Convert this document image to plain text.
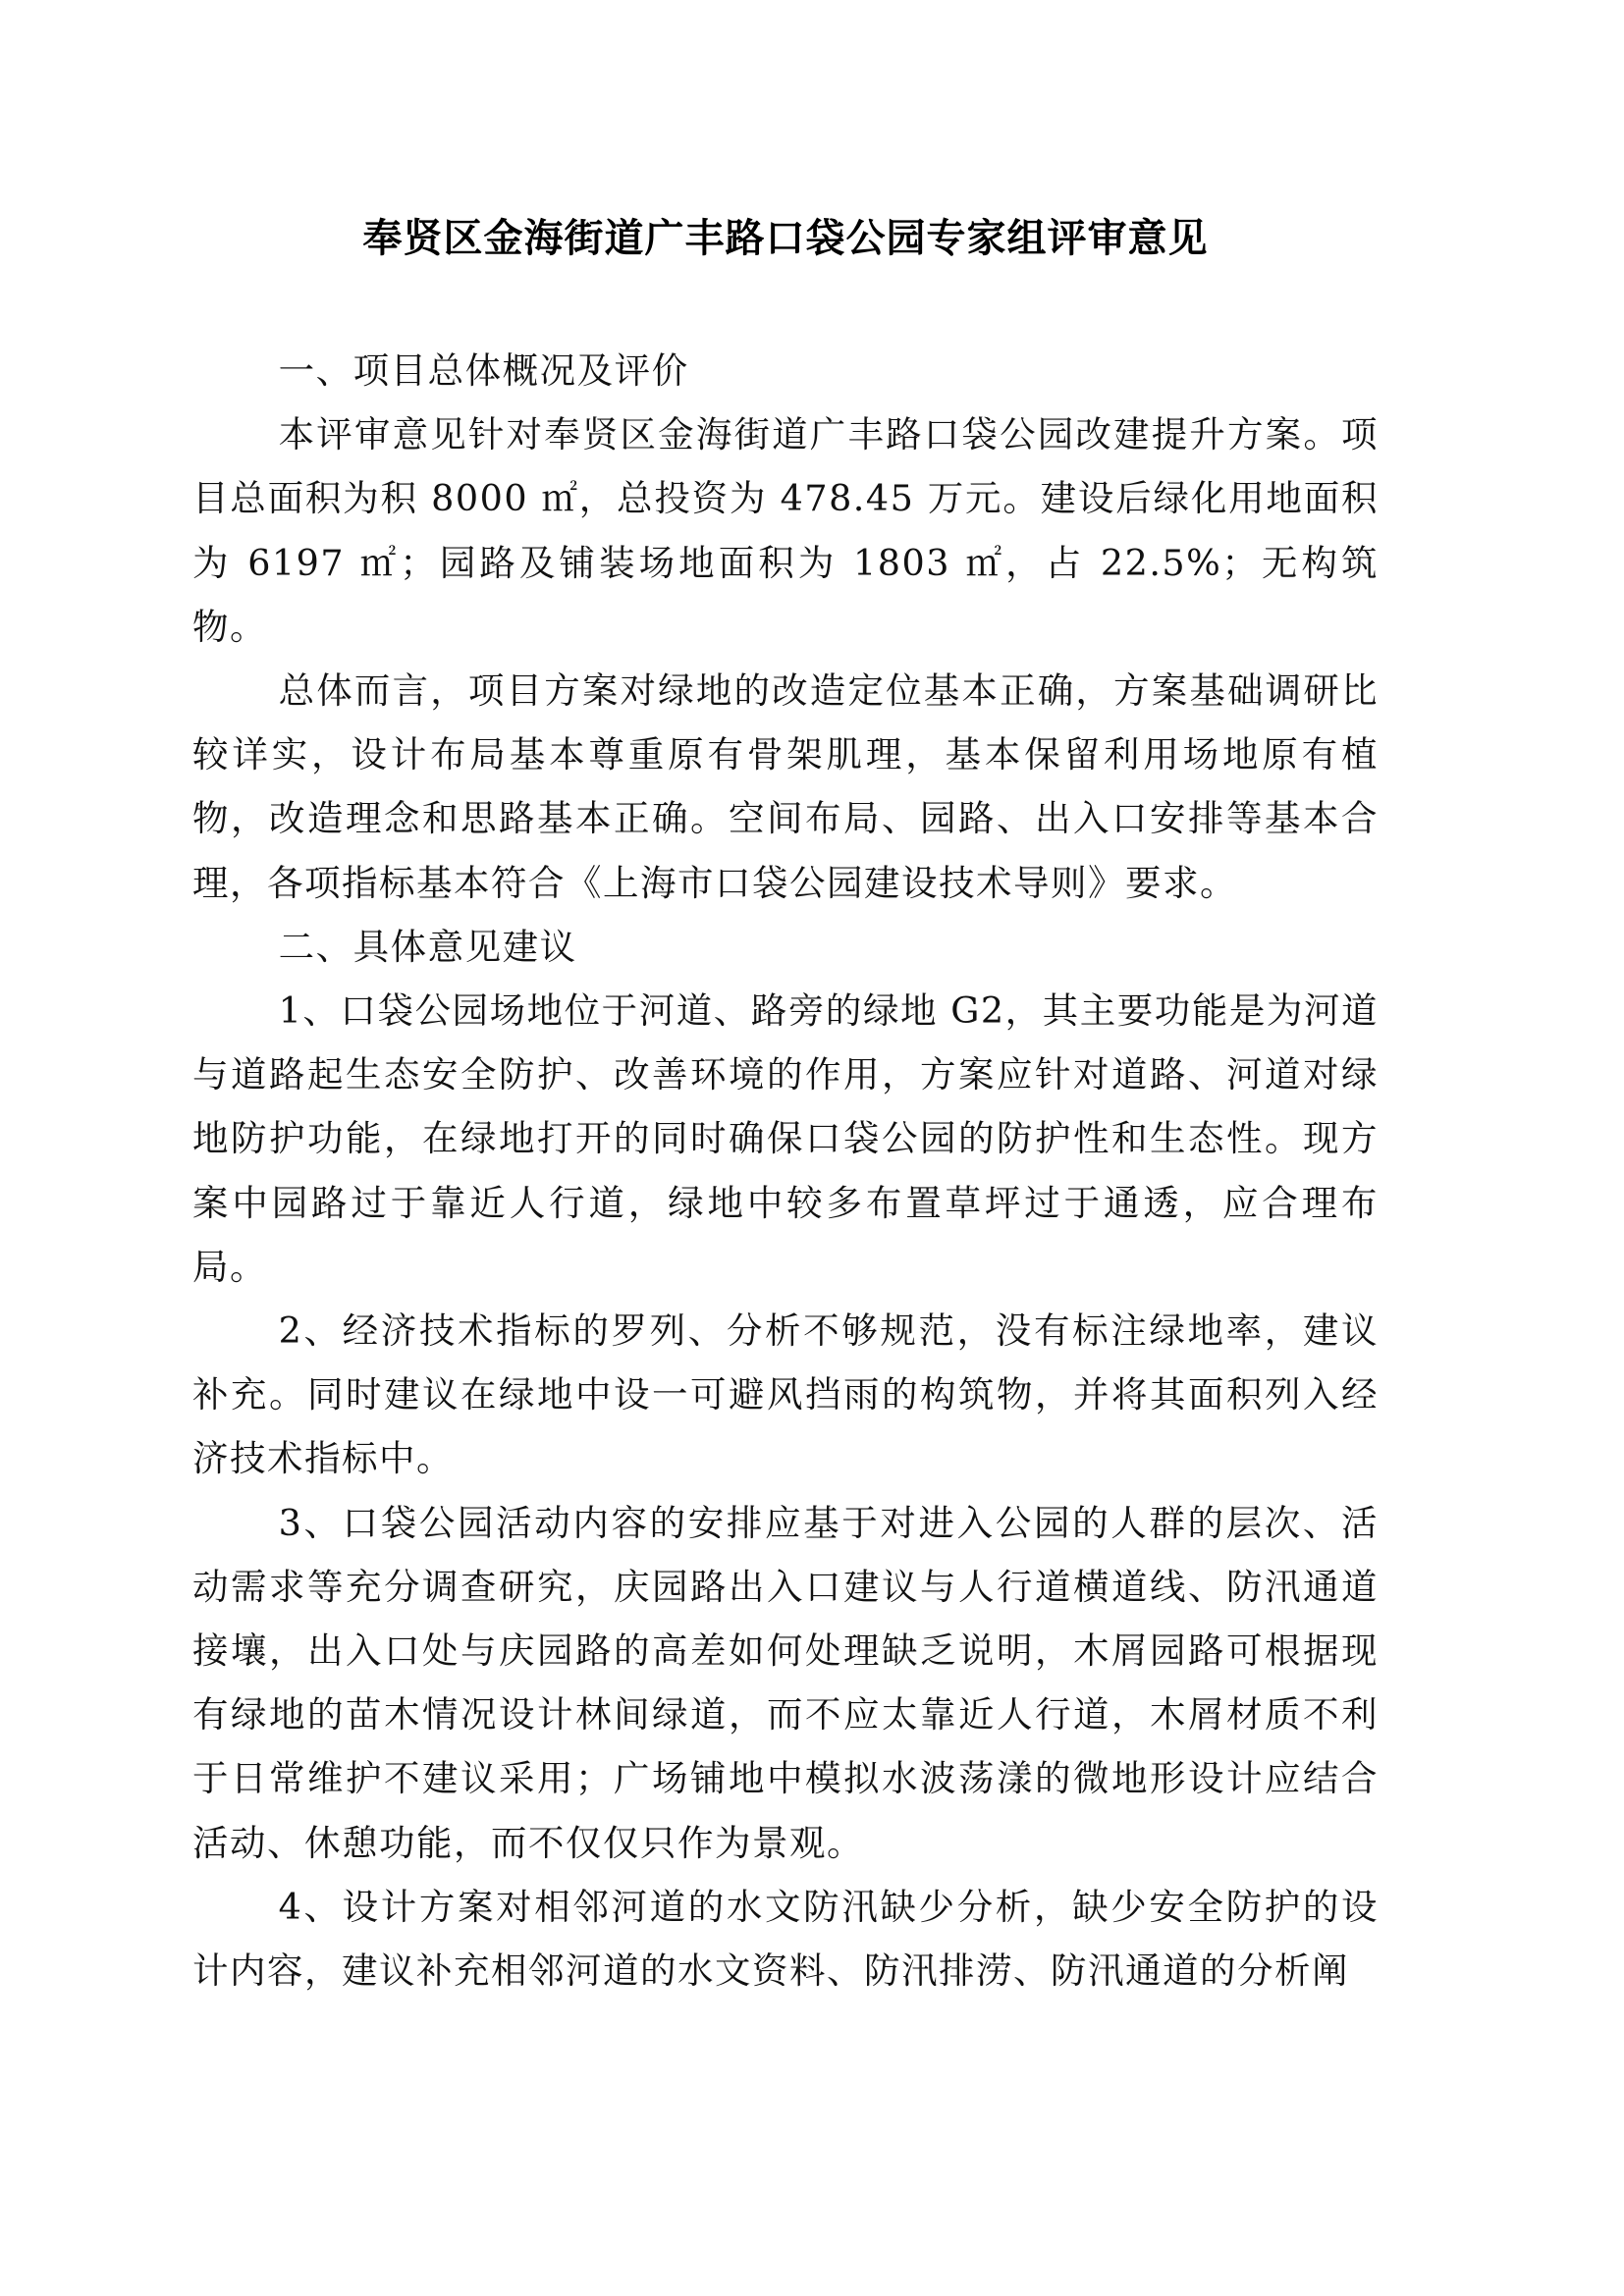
奉贤区金海街道广丰路口袋公园专家组评审意见

一、项目总体概况及评价

本评审意见针对奉贤区金海街道广丰路口袋公园改建提升方案。项目总面积为积 8000 ㎡，总投资为 478.45 万元。建设后绿化用地面积为 6197 ㎡；园路及铺装场地面积为 1803 ㎡，占 22.5%；无构筑物。

总体而言，项目方案对绿地的改造定位基本正确，方案基础调研比较详实，设计布局基本尊重原有骨架肌理，基本保留利用场地原有植物，改造理念和思路基本正确。空间布局、园路、出入口安排等基本合理，各项指标基本符合《上海市口袋公园建设技术导则》要求。

二、具体意见建议

1、口袋公园场地位于河道、路旁的绿地 G2，其主要功能是为河道与道路起生态安全防护、改善环境的作用，方案应针对道路、河道对绿地防护功能，在绿地打开的同时确保口袋公园的防护性和生态性。现方案中园路过于靠近人行道，绿地中较多布置草坪过于通透，应合理布局。

2、经济技术指标的罗列、分析不够规范，没有标注绿地率，建议补充。同时建议在绿地中设一可避风挡雨的构筑物，并将其面积列入经济技术指标中。

3、口袋公园活动内容的安排应基于对进入公园的人群的层次、活动需求等充分调查研究，庆园路出入口建议与人行道横道线、防汛通道接壤，出入口处与庆园路的高差如何处理缺乏说明，木屑园路可根据现有绿地的苗木情况设计林间绿道，而不应太靠近人行道，木屑材质不利于日常维护不建议采用；广场铺地中模拟水波荡漾的微地形设计应结合活动、休憩功能，而不仅仅只作为景观。

4、设计方案对相邻河道的水文防汛缺少分析，缺少安全防护的设计内容，建议补充相邻河道的水文资料、防汛排涝、防汛通道的分析阐
